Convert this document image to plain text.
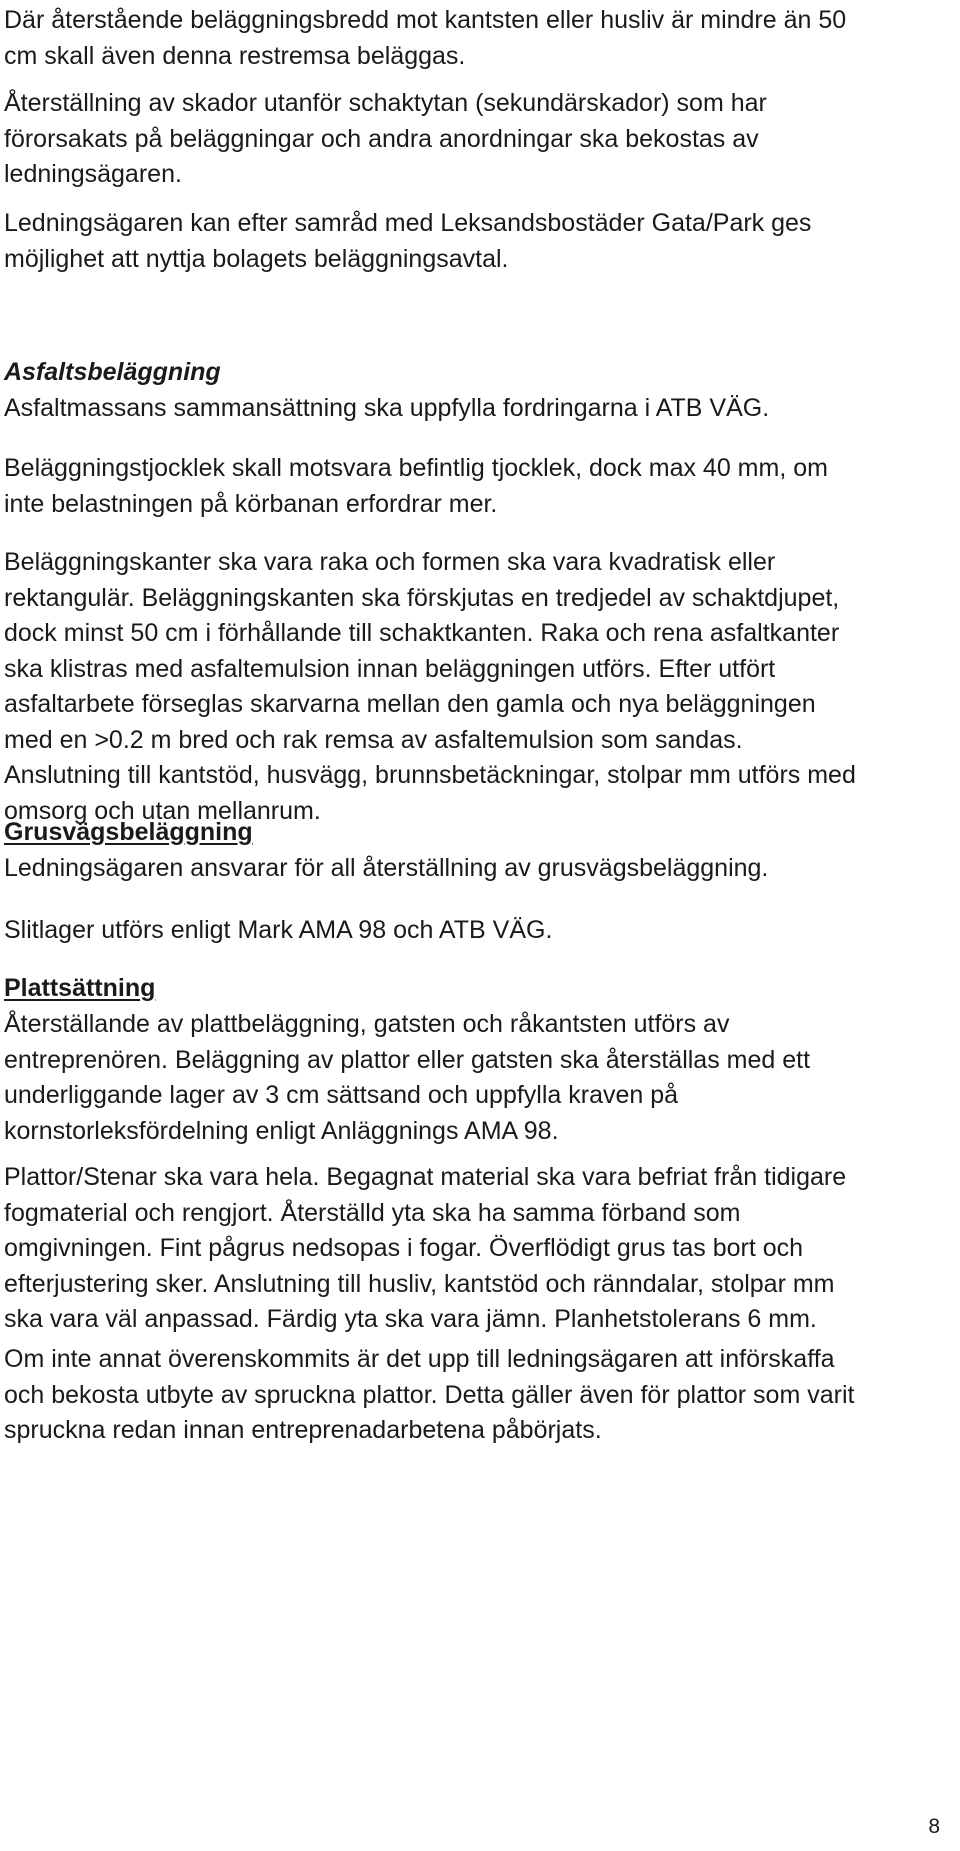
Där återstående beläggningsbredd mot kantsten eller husliv är mindre än 50
cm skall även denna restremsa beläggas.

Återställning av skador utanför schaktytan (sekundärskador) som har
förorsakats på beläggningar och andra anordningar ska bekostas av
ledningsägaren.

Ledningsägaren kan efter samråd med Leksandsbostäder Gata/Park ges
möjlighet att nyttja bolagets beläggningsavtal.

Asfaltsbeläggning

Asfaltmassans sammansättning ska uppfylla fordringarna i ATB VÄG.

Beläggningstjocklek skall motsvara befintlig tjocklek, dock max 40 mm, om
inte belastningen på körbanan erfordrar mer.

Beläggningskanter ska vara raka och formen ska vara kvadratisk eller
rektangulär. Beläggningskanten ska förskjutas en tredjedel av schaktdjupet,
dock minst 50 cm i förhållande till schaktkanten. Raka och rena asfaltkanter
ska klistras med asfaltemulsion innan beläggningen utförs. Efter utfört
asfaltarbete förseglas skarvarna mellan den gamla och nya beläggningen
med en >0.2 m bred och rak remsa av asfaltemulsion som sandas.
Anslutning till kantstöd, husvägg, brunnsbetäckningar, stolpar mm utförs med
omsorg och utan mellanrum.

Grusvägsbeläggning

Ledningsägaren ansvarar för all återställning av grusvägsbeläggning.

Slitlager utförs enligt Mark AMA 98 och ATB VÄG.

Plattsättning

Återställande av plattbeläggning, gatsten och råkantsten utförs av
entreprenören. Beläggning av plattor eller gatsten ska återställas med ett
underliggande lager av 3 cm sättsand och uppfylla kraven på
kornstorleksfördelning enligt Anläggnings AMA 98.

Plattor/Stenar ska vara hela. Begagnat material ska vara befriat från tidigare
fogmaterial och rengjort. Återställd yta ska ha samma förband som
omgivningen. Fint pågrus nedsopas i fogar. Överflödigt grus tas bort och
efterjustering sker. Anslutning till husliv, kantstöd och ränndalar, stolpar mm
ska vara väl anpassad. Färdig yta ska vara jämn. Planhetstolerans 6 mm.

Om inte annat överenskommits är det upp till ledningsägaren att införskaffa
och bekosta utbyte av spruckna plattor. Detta gäller även för plattor som varit
spruckna redan innan entreprenadarbetena påbörjats.

8
